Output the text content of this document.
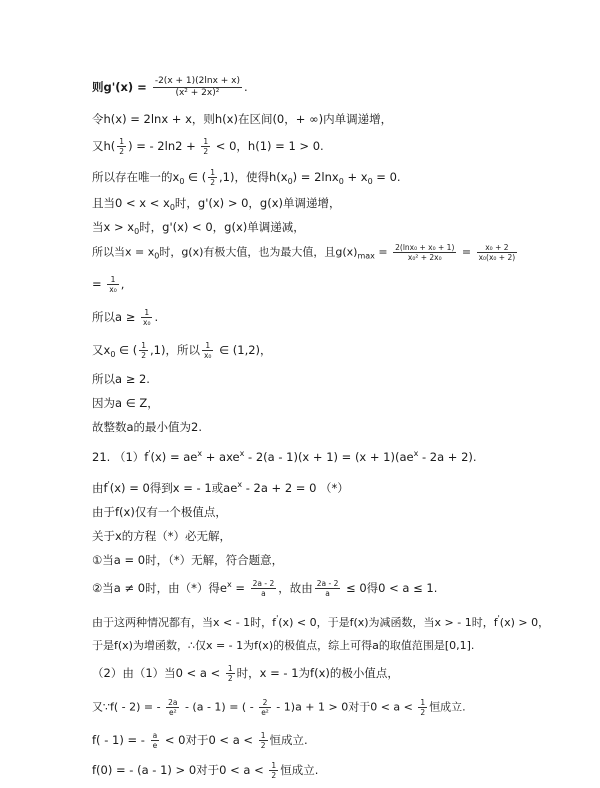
则$g'(x) = \frac{-2(x + 1)(2\ln x + x)}{\text{(x² + 2x)²}}$ .
令h(x) = 2lnx + x，则h(x)在区间(0，+ ∞)内单调递增，
又$h( \frac{1}{2}$ ) = - $2\ln 2 + \frac{1}{2} < 0$，h(1) = 1 > 0.
所以存在唯一的$x_0$ ∈ ( $\frac{1}{2} ,1$)，使得$h(x_0) = 2\ln x_0 + x_0 = 0$.
且当$0 < x < x_0$时，g'(x) > 0，g(x)单调递增，
当$x > x_0$时，g'(x) < 0，g(x)单调递减，
所以当$x = x_0$时，g(x)有极大值，也为最大值，且$g(x)_{max} = \frac{\text{2(lnx₀ + x₀ + 1)}}{\text{x₀² + 2x₀}} = \frac{\text{x₀ + 2}}{\text{x₀(x₀ + 2)}}$
= $\frac{1}{\text{x₀}}$ ,
所以$a \ge \frac{1}{\text{x₀}}$ .
又$x_0$ ∈ ( $\frac{1}{2} ,1$)，所以 $\frac{1}{\text{x₀}}$ ∈ (1,2)，
所以a ≥ 2.
因为a ∈ Z，
故整数a的最小值为2.
21. $(1)f'(x) = ae^x + axe^x - 2(a - 1)(x + 1) = (x + 1)(ae^x - 2a + 2)$.
由f'(x) = 0得到x = - 1或$ae^x - 2a + 2 = 0$ （*）
由于f(x)仅有一个极值点，
关于x的方程（*）必无解，
①当a = 0时，（*）无解，符合题意，
②当a ≠ 0时，由（*）得$e^x = \frac{2a - 2}{a}$ ，故由 $\frac{2a - 2}{a} \le 0$得0 < a ≤ 1.
由于这两种情况都有，当x < - 1时，f'(x) < 0，于是f(x)为减函数，当x > - 1时，f'(x) > 0，
于是f(x)为增函数，∴仅x = - 1为f(x)的极值点，综上可得a的取值范围是[0,1].
（2）由（1）当$0 < a < \frac{1}{2}$ 时，x = - 1为f(x)的极小值点，
又∵f( - 2) = - $\frac{2a}{\text{e²}} - (a - 1)$ = ( - $\frac{2}{\text{e²}} - 1)a + 1 > 0$对于$0 < a < \frac{1}{2}$ 恒成立.
f( - 1) = - $\frac{a}{e} < 0$对于$0 < a < \frac{1}{2}$ 恒成立.
f(0) = - (a - 1) > 0对于$0 < a < \frac{1}{2}$ 恒成立.
